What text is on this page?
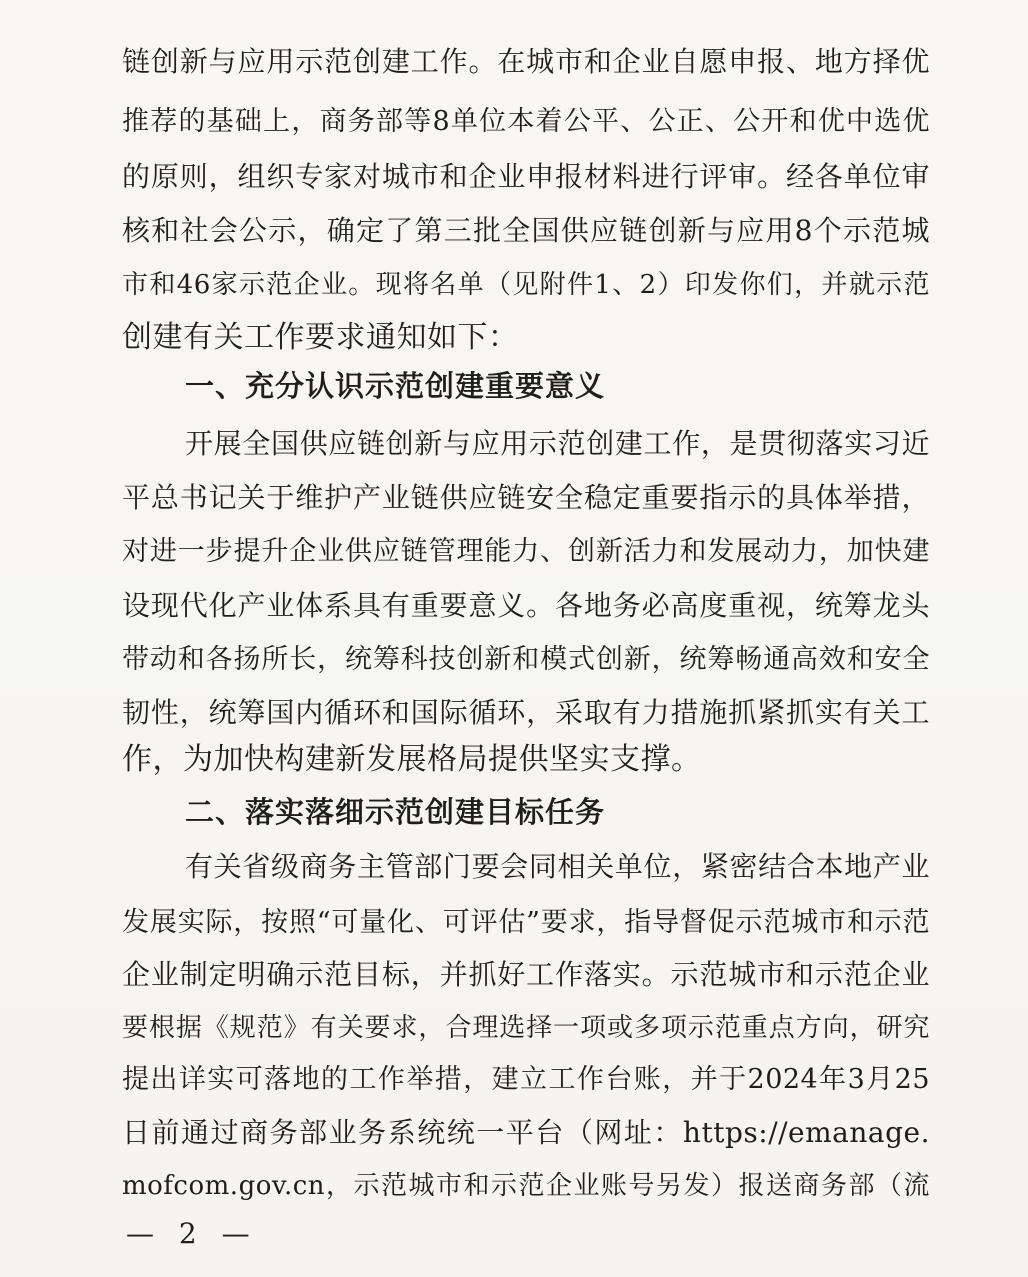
链创新与应用示范创建工作。在城市和企业自愿申报、地方择优
推荐的基础上，商务部等8单位本着公平、公正、公开和优中选优
的原则，组织专家对城市和企业申报材料进行评审。经各单位审
核和社会公示，确定了第三批全国供应链创新与应用8个示范城
市和46家示范企业。现将名单（见附件1、2）印发你们，并就示范
创建有关工作要求通知如下：
一、充分认识示范创建重要意义
开展全国供应链创新与应用示范创建工作，是贯彻落实习近
平总书记关于维护产业链供应链安全稳定重要指示的具体举措，
对进一步提升企业供应链管理能力、创新活力和发展动力，加快建
设现代化产业体系具有重要意义。各地务必高度重视，统筹龙头
带动和各扬所长，统筹科技创新和模式创新，统筹畅通高效和安全
韧性，统筹国内循环和国际循环，采取有力措施抓紧抓实有关工
作，为加快构建新发展格局提供坚实支撑。
二、落实落细示范创建目标任务
有关省级商务主管部门要会同相关单位，紧密结合本地产业
发展实际，按照“可量化、可评估”要求，指导督促示范城市和示范
企业制定明确示范目标，并抓好工作落实。示范城市和示范企业
要根据《规范》有关要求，合理选择一项或多项示范重点方向，研究
提出详实可落地的工作举措，建立工作台账，并于2024年3月25
日前通过商务部业务系统统一平台（网址：https://emanage.
mofcom.gov.cn，示范城市和示范企业账号另发）报送商务部（流
— 2 —
